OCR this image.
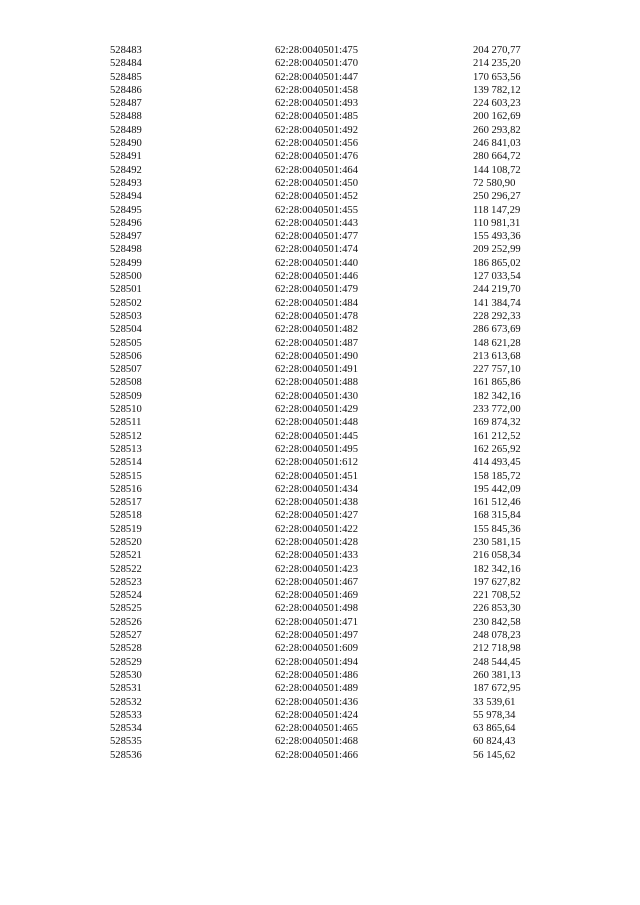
528483	62:28:0040501:475	204 270,77
528484	62:28:0040501:470	214 235,20
528485	62:28:0040501:447	170 653,56
528486	62:28:0040501:458	139 782,12
528487	62:28:0040501:493	224 603,23
528488	62:28:0040501:485	200 162,69
528489	62:28:0040501:492	260 293,82
528490	62:28:0040501:456	246 841,03
528491	62:28:0040501:476	280 664,72
528492	62:28:0040501:464	144 108,72
528493	62:28:0040501:450	72 580,90
528494	62:28:0040501:452	250 296,27
528495	62:28:0040501:455	118 147,29
528496	62:28:0040501:443	110 981,31
528497	62:28:0040501:477	155 493,36
528498	62:28:0040501:474	209 252,99
528499	62:28:0040501:440	186 865,02
528500	62:28:0040501:446	127 033,54
528501	62:28:0040501:479	244 219,70
528502	62:28:0040501:484	141 384,74
528503	62:28:0040501:478	228 292,33
528504	62:28:0040501:482	286 673,69
528505	62:28:0040501:487	148 621,28
528506	62:28:0040501:490	213 613,68
528507	62:28:0040501:491	227 757,10
528508	62:28:0040501:488	161 865,86
528509	62:28:0040501:430	182 342,16
528510	62:28:0040501:429	233 772,00
528511	62:28:0040501:448	169 874,32
528512	62:28:0040501:445	161 212,52
528513	62:28:0040501:495	162 265,92
528514	62:28:0040501:612	414 493,45
528515	62:28:0040501:451	158 185,72
528516	62:28:0040501:434	195 442,09
528517	62:28:0040501:438	161 512,46
528518	62:28:0040501:427	168 315,84
528519	62:28:0040501:422	155 845,36
528520	62:28:0040501:428	230 581,15
528521	62:28:0040501:433	216 058,34
528522	62:28:0040501:423	182 342,16
528523	62:28:0040501:467	197 627,82
528524	62:28:0040501:469	221 708,52
528525	62:28:0040501:498	226 853,30
528526	62:28:0040501:471	230 842,58
528527	62:28:0040501:497	248 078,23
528528	62:28:0040501:609	212 718,98
528529	62:28:0040501:494	248 544,45
528530	62:28:0040501:486	260 381,13
528531	62:28:0040501:489	187 672,95
528532	62:28:0040501:436	33 539,61
528533	62:28:0040501:424	55 978,34
528534	62:28:0040501:465	63 865,64
528535	62:28:0040501:468	60 824,43
528536	62:28:0040501:466	56 145,62
